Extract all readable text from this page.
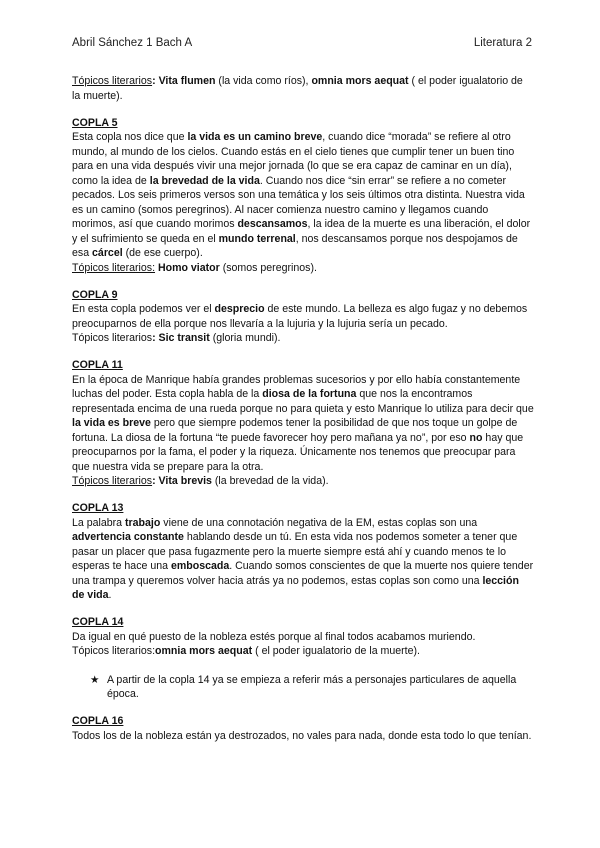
Abril Sánchez 1 Bach A	Literatura 2

Tópicos literarios: Vita flumen (la vida como ríos), omnia mors aequat ( el poder igualatorio de la muerte).

COPLA 5

Esta copla nos dice que la vida es un camino breve, cuando dice “morada” se refiere al otro mundo, al mundo de los cielos. Cuando estás en el cielo tienes que cumplir tener un buen tino para en una vida después vivir una mejor jornada (lo que se era capaz de caminar en un día), como la idea de la brevedad de la vida. Cuando nos dice “sin errar” se refiere a no cometer pecados. Los seis primeros versos son una temática y los seis últimos otra distinta. Nuestra vida es un camino (somos peregrinos). Al nacer comienza nuestro camino y llegamos cuando morimos, así que cuando morimos descansamos, la idea de la muerte es una liberación, el dolor y el sufrimiento se queda en el mundo terrenal, nos descansamos porque nos despojamos de esa cárcel (de ese cuerpo).

Tópicos literarios: Homo viator (somos peregrinos).

COPLA 9

En esta copla podemos ver el desprecio de este mundo. La belleza es algo fugaz y no debemos preocuparnos de ella porque nos llevaría a la lujuria y la lujuria sería un pecado.

Tópicos literarios: Sic transit (gloria mundi).

COPLA 11

En la época de Manrique había grandes problemas sucesorios y por ello había constantemente luchas del poder. Esta copla habla de la diosa de la fortuna que nos la encontramos representada encima de una rueda porque no para quieta y esto Manrique lo utiliza para decir que la vida es breve pero que siempre podemos tener la posibilidad de que nos toque un golpe de fortuna. La diosa de la fortuna “te puede favorecer hoy pero mañana ya no”, por eso no hay que preocuparnos por la fama, el poder y la riqueza. Únicamente nos tenemos que preocupar para que nuestra vida se prepare para la otra.

Tópicos literarios: Vita brevis (la brevedad de la vida).

COPLA 13

La palabra trabajo viene de una connotación negativa de la EM, estas coplas son una advertencia constante hablando desde un tú. En esta vida nos podemos someter a tener que pasar un placer que pasa fugazmente pero la muerte siempre está ahí y cuando menos te lo esperas te hace una emboscada. Cuando somos conscientes de que la muerte nos quiere tender una trampa y queremos volver hacia atrás ya no podemos, estas coplas son como una lección de vida.

COPLA 14

Da igual en qué puesto de la nobleza estés porque al final todos acabamos muriendo.

Tópicos literarios:omnia mors aequat ( el poder igualatorio de la muerte).

★ A partir de la copla 14 ya se empieza a referir más a personajes particulares de aquella época.

COPLA 16

Todos los de la nobleza están ya destrozados, no vales para nada, donde esta todo lo que tenían.
